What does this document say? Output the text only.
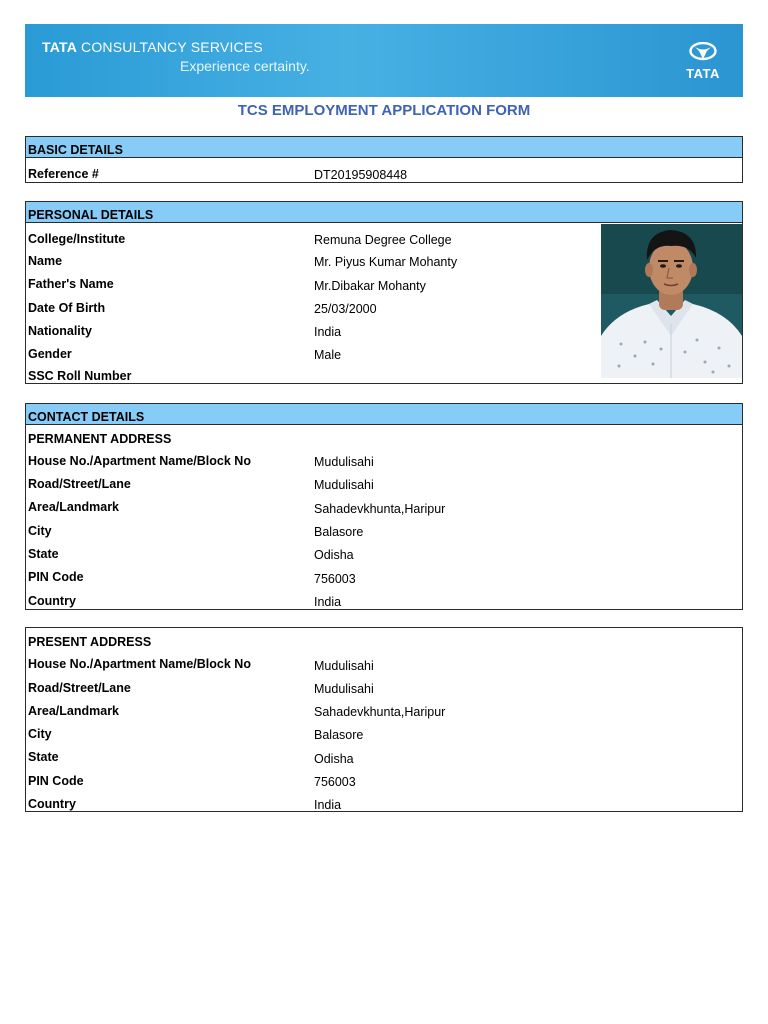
TATA CONSULTANCY SERVICES
Experience certainty.	TATA
TCS EMPLOYMENT APPLICATION FORM
BASIC DETAILS
Reference #	DT20195908448
PERSONAL DETAILS
College/Institute	Remuna Degree College
Name	Mr. Piyus Kumar Mohanty
Father's Name	Mr.Dibakar Mohanty
Date Of Birth	25/03/2000
Nationality	India
Gender	Male
SSC Roll Number
CONTACT DETAILS
PERMANENT ADDRESS
House No./Apartment Name/Block No	Mudulisahi
Road/Street/Lane	Mudulisahi
Area/Landmark	Sahadevkhunta,Haripur
City	Balasore
State	Odisha
PIN Code	756003
Country	India
PRESENT ADDRESS
House No./Apartment Name/Block No	Mudulisahi
Road/Street/Lane	Mudulisahi
Area/Landmark	Sahadevkhunta,Haripur
City	Balasore
State	Odisha
PIN Code	756003
Country	India
